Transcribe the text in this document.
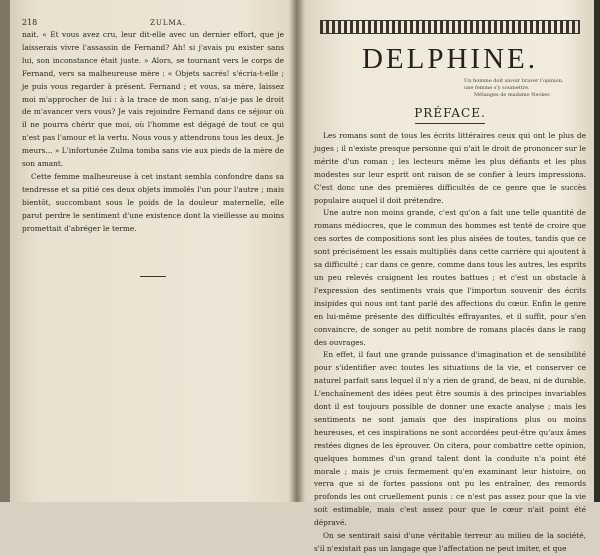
218	ZULMA.

nait. « Et vous avez cru, leur dit-elle avec un dernier effort, que je laisserais vivre l'assassin de Fernand? Ah! si j'avais pu exister sans lui, son inconstance était juste. » Alors, se tournant vers le corps de Fernand, vers sa malheureuse mère : « Objets sacrés! s'écria-t-elle ; je puis vous regarder à présent. Fernand ; et vous, sa mère, laissez moi m'approcher de lui : à la trace de mon sang, n'ai-je pas le droit de m'avancer vers vous? Je vais rejoindre Fernand dans ce séjour où il ne pourra chérir que moi, où l'homme est dégagé de tout ce qui n'est pas l'amour et la vertu. Nous vous y attendrons tous les deux. Je meurs... » L'infortunée Zulma tomba sans vie aux pieds de la mère de son amant.

Cette femme malheureuse à cet instant sembla confondre dans sa tendresse et sa pitié ces deux objets immolés l'un pour l'autre ; mais bientôt, succombant sous le poids de la douleur maternelle, elle parut perdre le sentiment d'une existence dont la vieillesse au moins promettait d'abréger le terme.

DELPHINE.
Un homme doit savoir braver l'opinion,
une femme s'y soumettre.
Mélanges de madame Necker.
PRÉFACE.

Les romans sont de tous les écrits littéraires ceux qui ont le plus de juges ; il n'existe presque personne qui n'ait le droit de prononcer sur le mérite d'un roman ; les lecteurs même les plus défiants et les plus modestes sur leur esprit ont raison de se confier à leurs impressions. C'est donc une des premières difficultés de ce genre que le succès populaire auquel il doit prétendre.

Une autre non moins grande, c'est qu'on a fait une telle quantité de romans médiocres, que le commun des hommes est tenté de croire que ces sortes de compositions sont les plus aisées de toutes, tandis que ce sont précisément les essais multipliés dans cette carrière qui ajoutent à sa difficulté ; car dans ce genre, comme dans tous les autres, les esprits un peu relevés craignent les routes battues ; et c'est un obstacle à l'expression des sentiments vrais que l'importun souvenir des écrits insipides qui nous ont tant parlé des affections du cœur. Enfin le genre en lui-même présente des difficultés effrayantes, et il suffit, pour s'en convaincre, de songer au petit nombre de romans placés dans le rang des ouvrages.

En effet, il faut une grande puissance d'imagination et de sensibilité pour s'identifier avec toutes les situations de la vie, et conserver ce naturel parfait sans lequel il n'y a rien de grand, de beau, ni de durable. L'enchaînement des idées peut être soumis à des principes invariables dont il est toujours possible de donner une exacte analyse ; mais les sentiments ne sont jamais que des inspirations plus ou moins heureuses, et ces inspirations ne sont accordées peut-être qu'aux âmes restées dignes de les éprouver. On citera, pour combattre cette opinion, quelques hommes d'un grand talent dont la conduite n'a point été morale ; mais je crois fermement qu'en examinant leur histoire, on verra que si de fortes passions ont pu les entraîner, des remords profonds les ont cruellement punis : ce n'est pas assez pour que la vie soit estimable, mais c'est assez pour que le cœur n'ait point été dépravé.

On se sentirait saisi d'une véritable terreur au milieu de la société, s'il n'existait pas un langage que l'affectation ne peut imiter, et que
